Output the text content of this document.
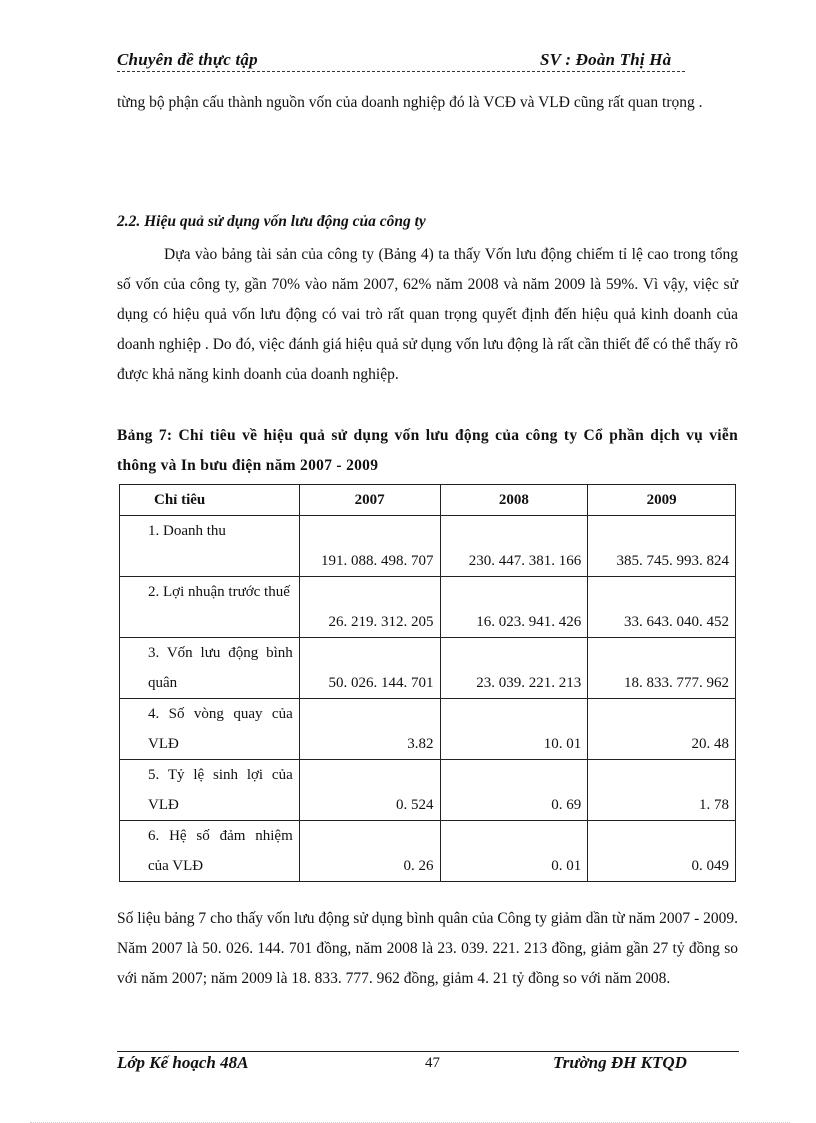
Chuyên đề thực tập	SV : Đoàn Thị Hà
từng bộ phận cấu thành nguồn vốn của doanh nghiệp đó là VCĐ và VLĐ cũng rất quan trọng .
2.2. Hiệu quả sử dụng vốn lưu động của công ty
Dựa vào bảng tài sản của công ty (Bảng 4) ta thấy Vốn lưu động chiếm tỉ lệ cao trong tổng số vốn của công ty, gần 70% vào năm 2007, 62% năm 2008 và năm 2009 là 59%. Vì vậy, việc sử dụng có hiệu quả vốn lưu động có vai trò rất quan trọng quyết định đến hiệu quả kinh doanh của doanh nghiệp . Do đó, việc đánh giá hiệu quả sử dụng vốn lưu động là rất cần thiết để có thể thấy rõ được khả năng kinh doanh của doanh nghiệp.
Bảng 7: Chỉ tiêu về hiệu quả sử dụng vốn lưu động của công ty Cổ phần dịch vụ viễn thông và In bưu điện năm 2007 - 2009
Chỉ tiêu	2007	2008	2009
1. Doanh thu	191. 088. 498. 707	230. 447. 381. 166	385. 745. 993. 824
2. Lợi nhuận trước thuế	26. 219. 312. 205	16. 023. 941. 426	33. 643. 040. 452
3. Vốn lưu động bình quân	50. 026. 144. 701	23. 039. 221. 213	18. 833. 777. 962
4. Số vòng quay của VLĐ	3.82	10. 01	20. 48
5. Tỷ lệ sinh lợi của VLĐ	0. 524	0. 69	1. 78
6. Hệ số đảm nhiệm của VLĐ	0. 26	0. 01	0. 049
Số liệu bảng 7 cho thấy vốn lưu động sử dụng bình quân của Công ty giảm dần từ năm 2007 - 2009. Năm 2007 là 50. 026. 144. 701 đồng, năm 2008 là 23. 039. 221. 213 đồng, giảm gần 27 tỷ đồng so với năm 2007; năm 2009 là 18. 833. 777. 962 đồng, giảm 4. 21 tỷ đồng so với năm 2008.
Lớp Kế hoạch 48A	47	Trường ĐH KTQD
